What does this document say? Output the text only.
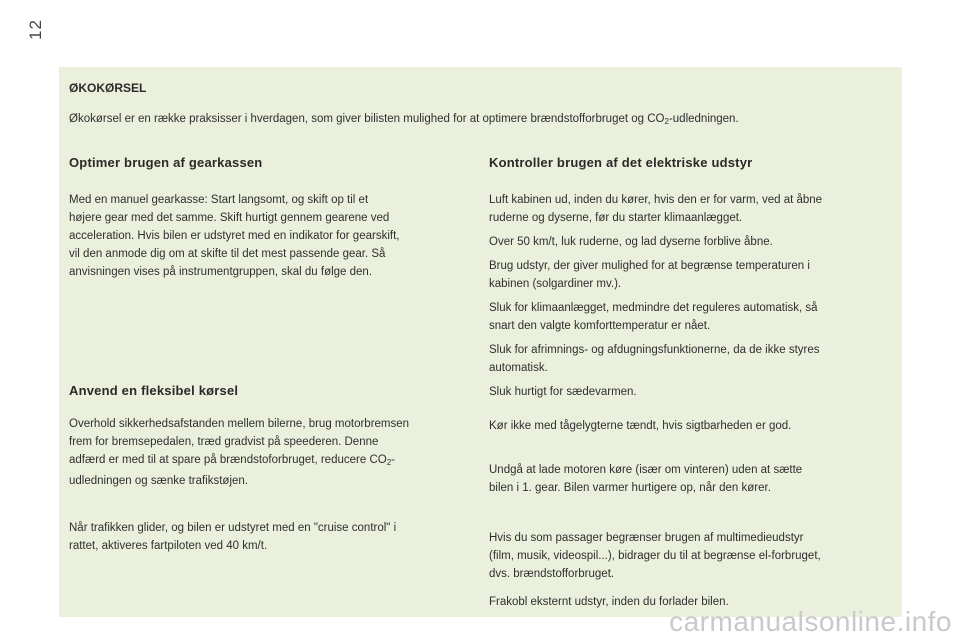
12
ØKOKØRSEL
Økokørsel er en række praksisser i hverdagen, som giver bilisten mulighed for at optimere brændstofforbruget og $CO_2$-udledningen.
Optimer brugen af gearkassen

Med en manuel gearkasse: Start langsomt, og skift op til et

højere gear med det samme. Skift hurtigt gennem gearene ved

acceleration. Hvis bilen er udstyret med en indikator for gearskift,

vil den anmode dig om at skifte til det mest passende gear. Så

anvisningen vises på instrumentgruppen, skal du følge den.

Anvend en fleksibel kørsel

Overhold sikkerhedsafstanden mellem bilerne, brug motorbremsen

frem for bremsepedalen, træd gradvist på speederen. Denne

adfærd er med til at spare på brændstoforbruget, reducere $CO_2-$

udledningen og sænke trafikstøjen.

Når trafikken glider, og bilen er udstyret med en "cruise control" i

rattet, aktiveres fartpiloten ved 40 km/t.

Kontroller brugen af det elektriske udstyr

Luft kabinen ud, inden du kører, hvis den er for varm, ved at åbne

ruderne og dyserne, før du starter klimaanlægget.

Over 50 km/t, luk ruderne, og lad dyserne forblive åbne.

Brug udstyr, der giver mulighed for at begrænse temperaturen i

kabinen (solgardiner mv.).

Sluk for klimaanlægget, medmindre det reguleres automatisk, så

snart den valgte komforttemperatur er nået.

Sluk for afrimnings- og afdugningsfunktionerne, da de ikke styres

automatisk.

Sluk hurtigt for sædevarmen.

Kør ikke med tågelygterne tændt, hvis sigtbarheden er god.

Undgå at lade motoren køre (især om vinteren) uden at sætte

bilen i 1. gear. Bilen varmer hurtigere op, når den kører.

Hvis du som passager begrænser brugen af multimedieudstyr

(film, musik, videospil...), bidrager du til at begrænse el-forbruget,

dvs. brændstofforbruget.

Frakobl eksternt udstyr, inden du forlader bilen.

carmanualsonline.info
